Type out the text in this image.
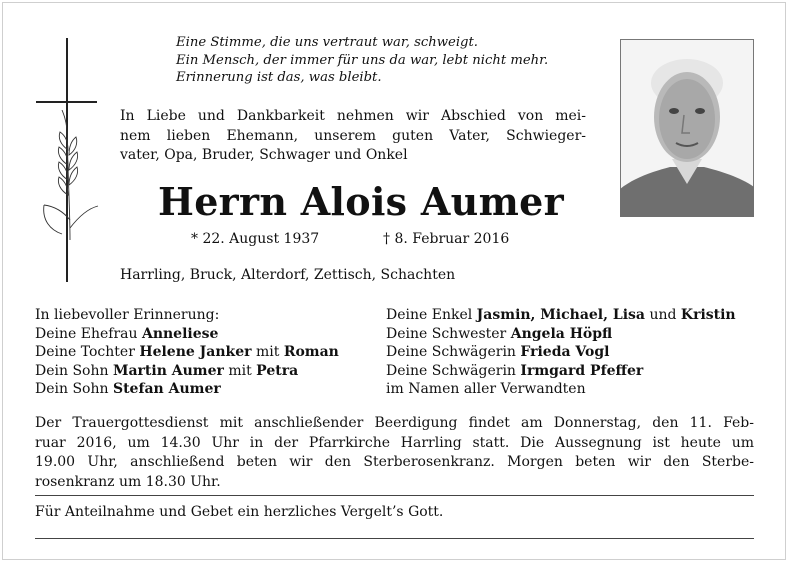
Eine Stimme, die uns vertraut war, schweigt.
Ein Mensch, der immer für uns da war, lebt nicht mehr.
Erinnerung ist das, was bleibt.
In Liebe und Dankbarkeit nehmen wir Abschied von mei-
nem lieben Ehemann, unserem guten Vater, Schwieger-
vater, Opa, Bruder, Schwager und Onkel
Herrn Alois Aumer
* 22. August 1937	† 8. Februar 2016
Harrling, Bruck, Alterdorf, Zettisch, Schachten
In liebevoller Erinnerung:
Deine Ehefrau Anneliese
Deine Tochter Helene Janker mit Roman
Dein Sohn Martin Aumer mit Petra
Dein Sohn Stefan Aumer
Deine Enkel Jasmin, Michael, Lisa und Kristin
Deine Schwester Angela Höpfl
Deine Schwägerin Frieda Vogl
Deine Schwägerin Irmgard Pfeffer
im Namen aller Verwandten
Der Trauergottesdienst mit anschließender Beerdigung findet am Donnerstag, den 11. Feb-
ruar 2016, um 14.30 Uhr in der Pfarrkirche Harrling statt. Die Aussegnung ist heute um
19.00 Uhr, anschließend beten wir den Sterberosenkranz. Morgen beten wir den Sterbe-
rosenkranz um 18.30 Uhr.
Für Anteilnahme und Gebet ein herzliches Vergelt’s Gott.
